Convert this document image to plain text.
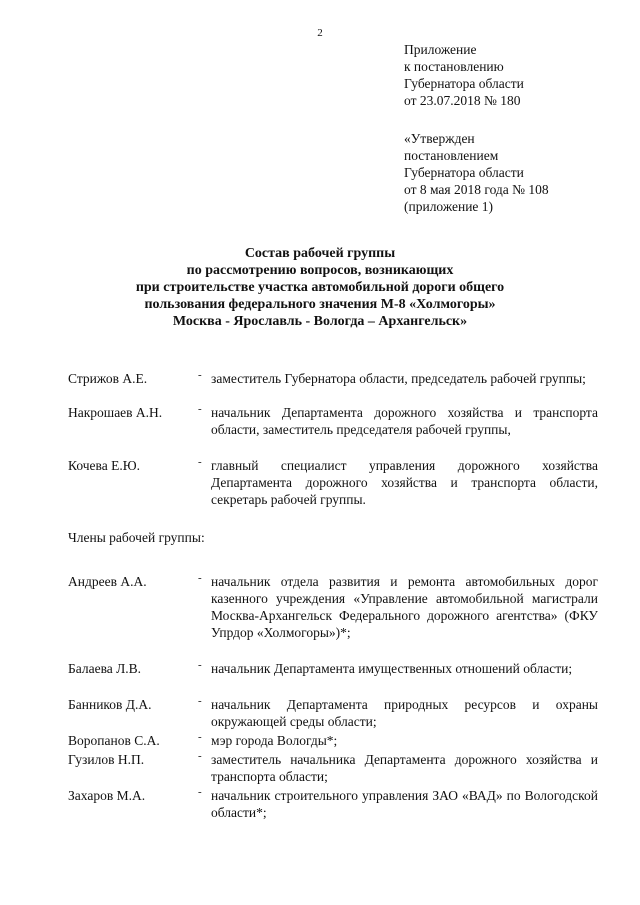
2
Приложение
к постановлению
Губернатора области
от 23.07.2018 № 180
«Утвержден
постановлением
Губернатора области
от 8 мая 2018 года № 108
(приложение 1)
Состав рабочей группы
по рассмотрению вопросов, возникающих
при строительстве участка автомобильной дороги общего
пользования федерального значения М-8 «Холмогоры»
Москва - Ярославль - Вологда – Архангельск»
Стрижов А.Е.	- заместитель Губернатора области, председатель рабочей группы;
Накрошаев А.Н.	- начальник Департамента дорожного хозяйства и транспорта области, заместитель председателя рабочей группы,
Кочева Е.Ю.	- главный специалист управления дорожного хозяйства Департамента дорожного хозяйства и транспорта области, секретарь рабочей группы.
Члены рабочей группы:
Андреев А.А.	- начальник отдела развития и ремонта автомобильных дорог казенного учреждения «Управление автомобильной магистрали Москва-Архангельск Федерального дорожного агентства» (ФКУ Упрдор «Холмогоры»)*;
Балаева Л.В.	- начальник Департамента имущественных отношений области;
Банников Д.А.	- начальник Департамента природных ресурсов и охраны окружающей среды области;
Воропанов С.А.	- мэр города Вологды*;
Гузилов Н.П.	- заместитель начальника Департамента дорожного хозяйства и транспорта области;
Захаров М.А.	- начальник строительного управления ЗАО «ВАД» по Вологодской области*;
